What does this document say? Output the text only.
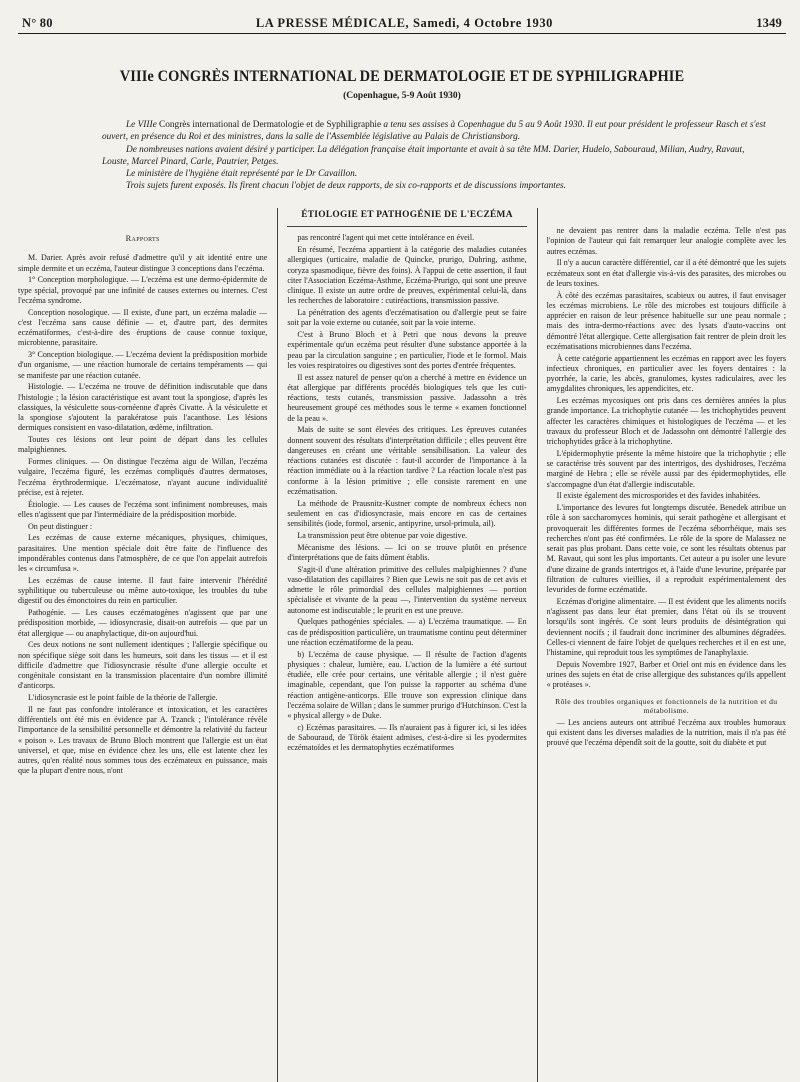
N° 80	LA PRESSE MÉDICALE, Samedi, 4 Octobre 1930	1349
VIIIe CONGRÈS INTERNATIONAL DE DERMATOLOGIE ET DE SYPHILIGRAPHIE
(Copenhague, 5-9 Août 1930)

Le VIIIe Congrès international de Dermatologie et de Syphiligraphie a tenu ses assises à Copenhague du 5 au 9 Août 1930. Il eut pour président le professeur Rasch et s'est ouvert, en présence du Roi et des ministres, dans la salle de l'Assemblée législative au Palais de Christiansborg.

De nombreuses nations avaient désiré y participer. La délégation française était importante et avait à sa tête MM. Darier, Hudelo, Sabouraud, Milian, Audry, Ravaut, Louste, Marcel Pinard, Carle, Pautrier, Petges.

Le ministère de l'hygiène était représenté par le Dr Cavaillon.

Trois sujets furent exposés. Ils firent chacun l'objet de deux rapports, de six co-rapports et de discussions importantes.

Rapports

M. Darier. Après avoir refusé d'admettre qu'il y ait identité entre une simple dermite et un eczéma, l'auteur distingue 3 conceptions dans l'eczéma.

1° Conception morphologique. — L'eczéma est une dermo-épidermite de type spécial, provoqué par une infinité de causes externes ou internes. C'est l'eczéma syndrome.

Conception nosologique. — Il existe, d'une part, un eczéma maladie — c'est l'eczéma sans cause définie — et, d'autre part, des dermites eczématiformes, c'est-à-dire des éruptions de cause connue toxique, microbienne, parasitaire.

3° Conception biologique. — L'eczéma devient la prédisposition morbide d'un organisme, — une réaction humorale de certains tempéraments — qui se manifeste par une réaction cutanée.

Histologie. — L'eczéma ne trouve de définition indiscutable que dans l'histologie ; la lésion caractéristique est avant tout la spongiose, d'après les classiques, la vésiculette sous-cornéenne d'après Civatte. À la vésiculette et la spongiose s'ajoutent la parakératose puis l'acanthose. Les lésions dermiques consistent en vaso-dilatation, œdème, infiltration.

Toutes ces lésions ont leur point de départ dans les cellules malpighiennes.

Formes cliniques. — On distingue l'eczéma aigu de Willan, l'eczéma vulgaire, l'eczéma figuré, les eczémas compliqués d'autres dermatoses, l'eczéma érythrodermique. L'eczématose, n'ayant aucune individualité précise, est à rejeter.

Étiologie. — Les causes de l'eczéma sont infiniment nombreuses, mais elles n'agissent que par l'intermédiaire de la prédisposition morbide.

On peut distinguer :

Les eczémas de cause externe mécaniques, physiques, chimiques, parasitaires. Une mention spéciale doit être faite de l'influence des impondérables contenus dans l'atmosphère, de ce que l'on appelait autrefois les « circumfusa ».

Les eczémas de cause interne. Il faut faire intervenir l'hérédité syphilitique ou tuberculeuse ou même auto-toxique, les troubles du tube digestif ou des émonctoires du rein en particulier.

Pathogénie. — Les causes eczématogènes n'agissent que par une prédisposition morbide, — idiosyncrasie, disait-on autrefois — que par un état allergique — ou anaphylactique, dit-on aujourd'hui.

Ces deux notions ne sont nullement identiques ; l'allergie spécifique ou non spécifique siège soit dans les humeurs, soit dans les tissus — et il est difficile d'admettre que l'idiosyncrasie résulte d'une allergie occulte et congénitale consistant en la transmission placentaire d'un nombre illimité d'anticorps.

L'idiosyncrasie est le point faible de la théorie de l'allergie.

Il ne faut pas confondre intolérance et intoxication, et les caractères différentiels ont été mis en évidence par A. Tzanck ; l'intolérance révèle l'importance de la sensibilité personnelle et démontre la relativité du facteur « poison ». Les travaux de Bruno Bloch montrent que l'allergie est un état universel, et que, mise en évidence chez les uns, elle est latente chez les autres, qu'en réalité nous sommes tous des eczémateux en puissance, mais que la plupart d'entre nous, n'ont

ÉTIOLOGIE ET PATHOGÉNIE DE L'ECZÉMA

pas rencontré l'agent qui met cette intolérance en éveil.

En résumé, l'eczéma appartient à la catégorie des maladies cutanées allergiques (urticaire, maladie de Quincke, prurigo, Duhring, asthme, coryza spasmodique, fièvre des foins). À l'appui de cette assertion, il faut citer l'Association Eczéma-Asthme, Eczéma-Prurigo, qui sont une preuve clinique. Il existe un autre ordre de preuves, expérimental celui-là, dans les recherches de laboratoire : cutiréactions, transmission passive.

La pénétration des agents d'eczématisation ou d'allergie peut se faire soit par la voie externe ou cutanée, soit par la voie interne.

C'est à Bruno Bloch et à Petri que nous devons la preuve expérimentale qu'un eczéma peut résulter d'une substance apportée à la peau par la circulation sanguine ; en particulier, l'iode et le formol. Mais les voies respiratoires ou digestives sont des portes d'entrée fréquentes.

Il est assez naturel de penser qu'on a cherché à mettre en évidence un état allergique par différents procédés biologiques tels que les cuti-réactions, tests cutanés, transmission passive. Jadassohn a très heureusement groupé ces méthodes sous le terme « examen fonctionnel de la peau ».

Mais de suite se sont élevées des critiques. Les épreuves cutanées donnent souvent des résultats d'interprétation difficile ; elles peuvent être dangereuses en créant une véritable sensibilisation. La valeur des réactions cutanées est discutée : faut-il accorder de l'importance à la réaction immédiate ou à la réaction tardive ? La réaction locale n'est pas conforme à la lésion primitive ; elle consiste rarement en une eczématisation.

La méthode de Prausnitz-Kustner compte de nombreux échecs non seulement en cas d'idiosyncrasie, mais encore en cas de certaines sensibilités (iode, formol, arsenic, antipyrine, ursol-primula, ail).

La transmission peut être obtenue par voie digestive.

Mécanisme des lésions. — Ici on se trouve plutôt en présence d'interprétations que de faits dûment établis.

S'agit-il d'une altération primitive des cellules malpighiennes ? d'une vaso-dilatation des capillaires ? Bien que Lewis ne soit pas de cet avis et admette le rôle primordial des cellules malpighiennes — portion spécialisée et vivante de la peau —, l'intervention du système nerveux autonome est indiscutable ; le prurit en est une preuve.

Quelques pathogénies spéciales. — a) L'eczéma traumatique. — En cas de prédisposition particulière, un traumatisme continu peut déterminer une réaction eczématiforme de la peau.

b) L'eczéma de cause physique. — Il résulte de l'action d'agents physiques : chaleur, lumière, eau. L'action de la lumière a été surtout étudiée, elle crée pour certains, une véritable allergie ; il n'est guère imaginable, cependant, que l'on puisse la rapporter au schéma d'une réaction antigène-anticorps. Elle trouve son expression clinique dans l'eczéma solaire de Willan ; dans le summer prurigo d'Hutchinson. C'est la « physical allergy » de Duke.

c) Eczémas parasitaires. — Ils n'auraient pas à figurer ici, si les idées de Sabouraud, de Török étaient admises, c'est-à-dire si les pyodermites eczématoïdes et les dermatophyties eczématiformes

ne devaient pas rentrer dans la maladie eczéma. Telle n'est pas l'opinion de l'auteur qui fait remarquer leur analogie complète avec les autres eczémas.

Il n'y a aucun caractère différentiel, car il a été démontré que les sujets eczémateux sont en état d'allergie vis-à-vis des parasites, des microbes ou de leurs toxines.

À côté des eczémas parasitaires, scabieux ou autres, il faut envisager les eczémas microbiens. Le rôle des microbes est toujours difficile à apprécier en raison de leur présence habituelle sur une peau normale ; mais des intra-dermo-réactions avec des lysats d'auto-vaccins ont démontré l'état allergique. Cette allergisation fait rentrer de plein droit les eczématisations microbiennes dans l'eczéma.

À cette catégorie appartiennent les eczémas en rapport avec les foyers infectieux chroniques, en particulier avec les foyers dentaires : la pyorrhée, la carie, les abcès, granulomes, kystes radiculaires, avec les amygdalites chroniques, les appendicites, etc.

Les eczémas mycosiques ont pris dans ces dernières années la plus grande importance. La trichophytie cutanée — les trichophytides peuvent affecter les caractères chimiques et histologiques de l'eczéma — et les travaux du professeur Bloch et de Jadassohn ont démontré l'allergie des trichophytides grâce à la trichophytine.

L'épidermophytie présente la même histoire que la trichophytie ; elle se caractérise très souvent par des intertrigos, des dyshidroses, l'eczéma marginé de Hebra ; elle se révèle aussi par des épidermophytides, elle s'accompagne d'un état d'allergie indiscutable.

Il existe également des microsporides et des favides inhabitées.

L'importance des levures fut longtemps discutée. Benedek attribue un rôle à son saccharomyces hominis, qui serait pathogène et allergisant et provoquerait les différentes formes de l'eczéma séborrhéique, mais ses recherches n'ont pas été confirmées. Le rôle de la spore de Malassez ne serait pas plus probant. Dans cette voie, ce sont les résultats obtenus par M. Ravaut, qui sont les plus importants. Cet auteur a pu isoler une levure d'une dizaine de grands intertrigos et, à l'aide d'une levurine, préparée par filtration de cultures vieillies, il a reproduit expérimentalement des levurides de forme eczématide.

Eczémas d'origine alimentaire. — Il est évident que les aliments nocifs n'agissent pas dans leur état premier, dans l'état où ils se trouvent lorsqu'ils sont ingérés. Ce sont leurs produits de désintégration qui deviennent nocifs ; il faudrait donc incriminer des albumines dégradées. Celles-ci viennent de faire l'objet de quelques recherches et il en est une, l'histamine, qui reproduit tous les symptômes de l'anaphylaxie.

Depuis Novembre 1927, Barber et Oriel ont mis en évidence dans les urines des sujets en état de crise allergique des substances qu'ils appellent « protéases ».

Rôle des troubles organiques et fonctionnels de la nutrition et du métabolisme.

— Les anciens auteurs ont attribué l'eczéma aux troubles humoraux qui existent dans les diverses maladies de la nutrition, mais il n'a pas été prouvé que l'eczéma dépendît soit de la goutte, soit du diabète et put
